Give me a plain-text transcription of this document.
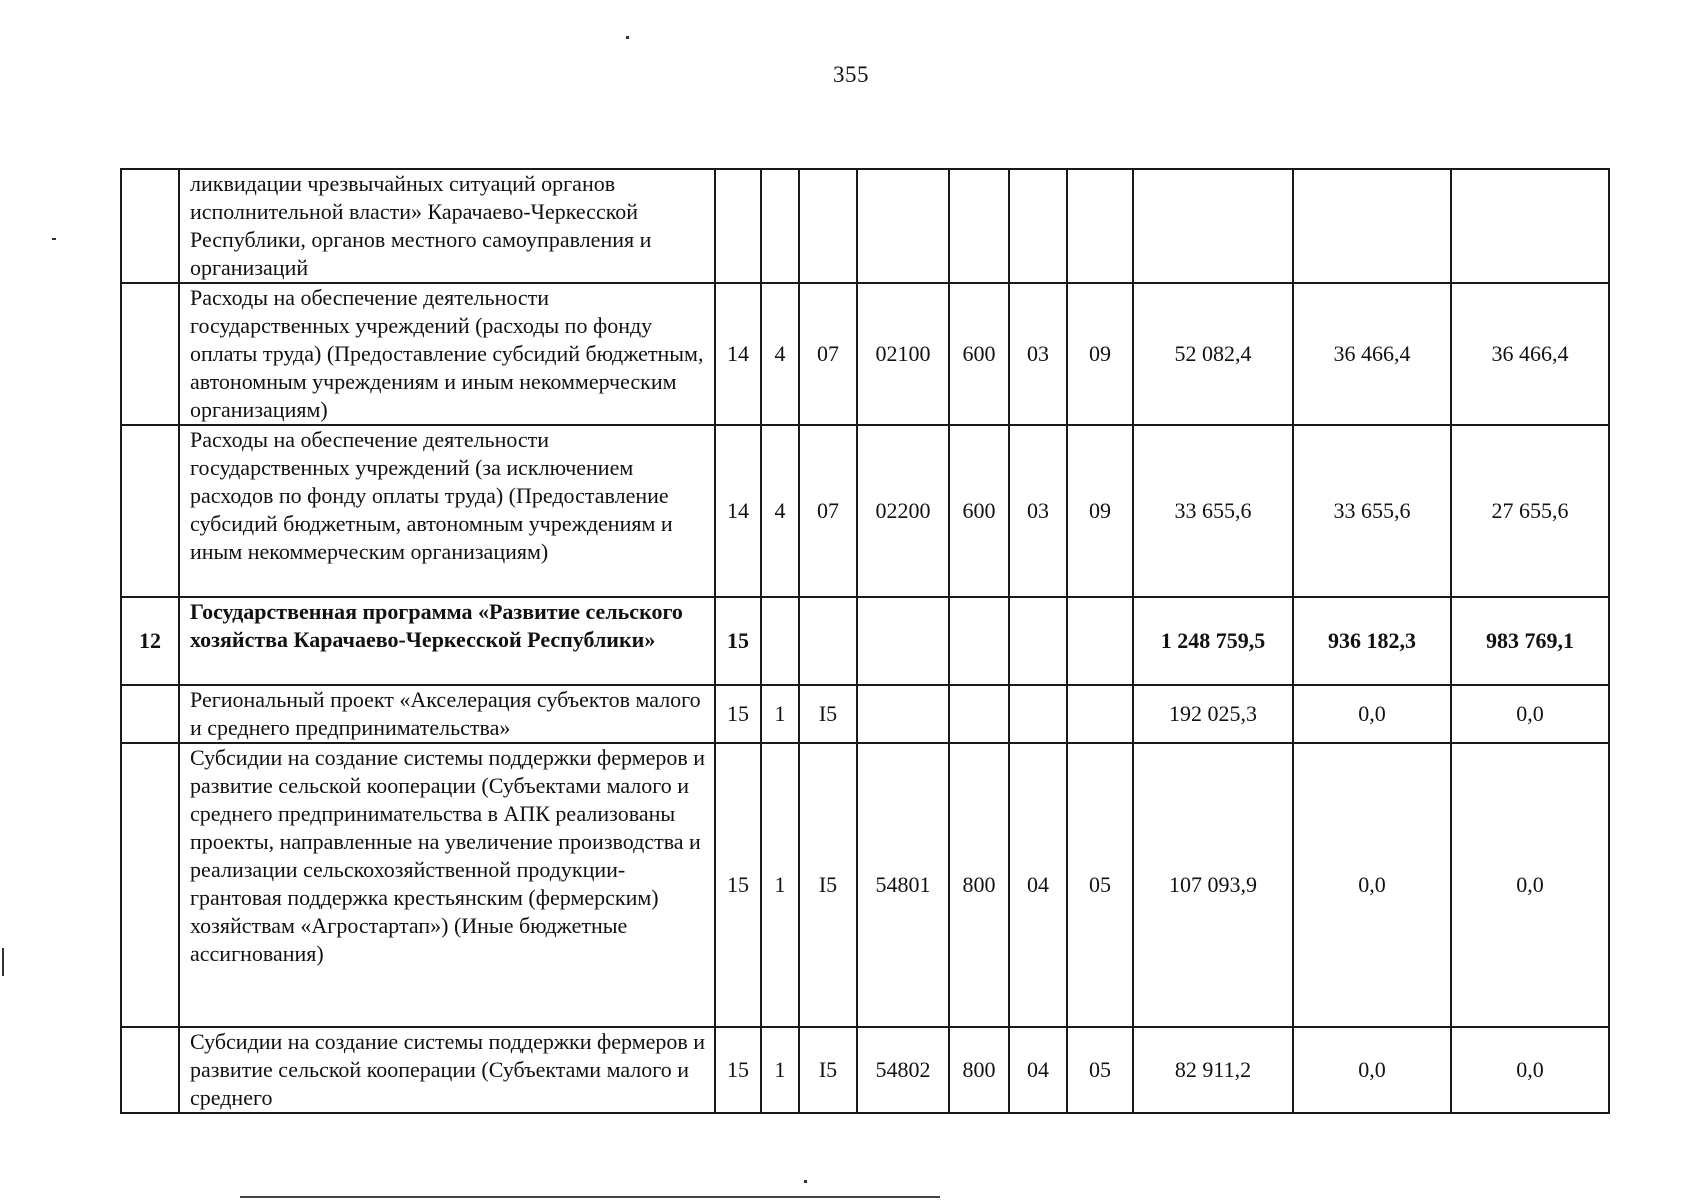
355
	ликвидации чрезвычайных ситуаций органов исполнительной власти» Карачаево-Черкесской Республики, органов местного самоуправления и организаций										
	Расходы на обеспечение деятельности государственных учреждений (расходы по фонду оплаты труда) (Предоставление субсидий бюджетным, автономным учреждениям и иным некоммерческим организациям)	14	4	07	02100	600	03	09	52 082,4	36 466,4	36 466,4
	Расходы на обеспечение деятельности государственных учреждений (за исключением расходов по фонду оплаты труда) (Предоставление субсидий бюджетным, автономным учреждениям и иным некоммерческим организациям)	14	4	07	02200	600	03	09	33 655,6	33 655,6	27 655,6
12	Государственная программа «Развитие сельского хозяйства Карачаево-Черкесской Республики»	15							1 248 759,5	936 182,3	983 769,1
	Региональный проект «Акселерация субъектов малого и среднего предпринимательства»	15	1	I5					192 025,3	0,0	0,0
	Субсидии на создание системы поддержки фермеров и развитие сельской кооперации (Субъектами малого и среднего предпринимательства в АПК реализованы проекты, направленные на увеличение производства и реализации сельскохозяйственной продукции-грантовая поддержка крестьянским (фермерским) хозяйствам «Агростартап») (Иные бюджетные ассигнования)	15	1	I5	54801	800	04	05	107 093,9	0,0	0,0
	Субсидии на создание системы поддержки фермеров и развитие сельской кооперации (Субъектами малого и среднего	15	1	I5	54802	800	04	05	82 911,2	0,0	0,0
